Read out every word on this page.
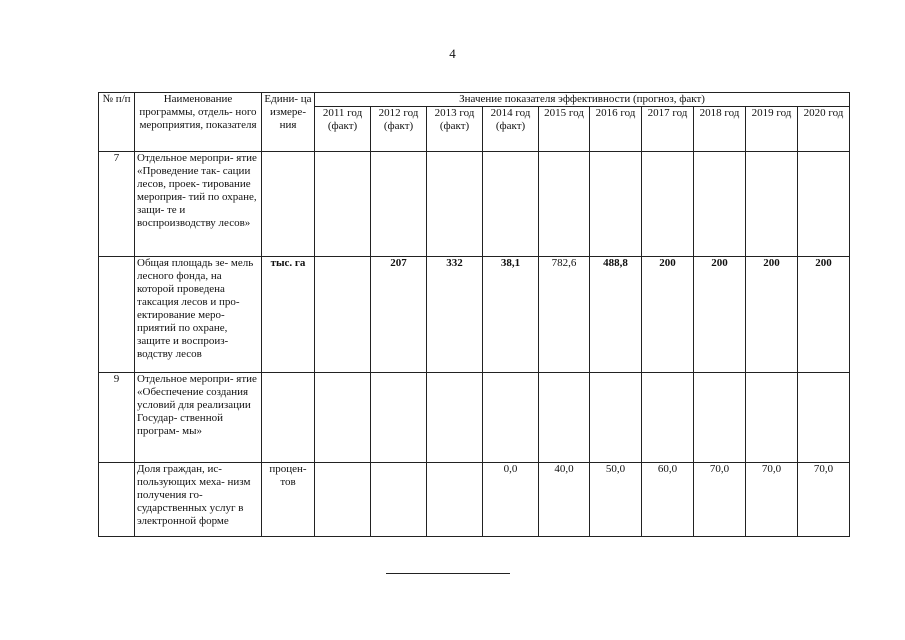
4
№ п/п	Наименование программы, отдель- ного мероприятия, показателя	Едини- ца измере- ния	Значение показателя эффективности (прогноз, факт)									
			2011 год (факт)	2012 год (факт)	2013 год (факт)	2014 год (факт)	2015 год	2016 год	2017 год	2018 год	2019 год	2020 год
7	Отдельное меропри- ятие «Проведение так- сации лесов, проек- тирование мероприя- тий по охране, защи- те и воспроизводству лесов»											
	Общая площадь зе- мель лесного фонда, на которой проведена таксация лесов и про- ектирование меро- приятий по охране, защите и воспроиз- водству лесов	тыс. га		207	332	38,1	782,6	488,8	200	200	200	200
9	Отдельное меропри- ятие «Обеспечение создания условий для реализации Государ- ственной програм- мы»											
	Доля граждан, ис- пользующих меха- низм получения го- сударственных услуг в электронной форме	процен- тов				0,0	40,0	50,0	60,0	70,0	70,0	70,0
